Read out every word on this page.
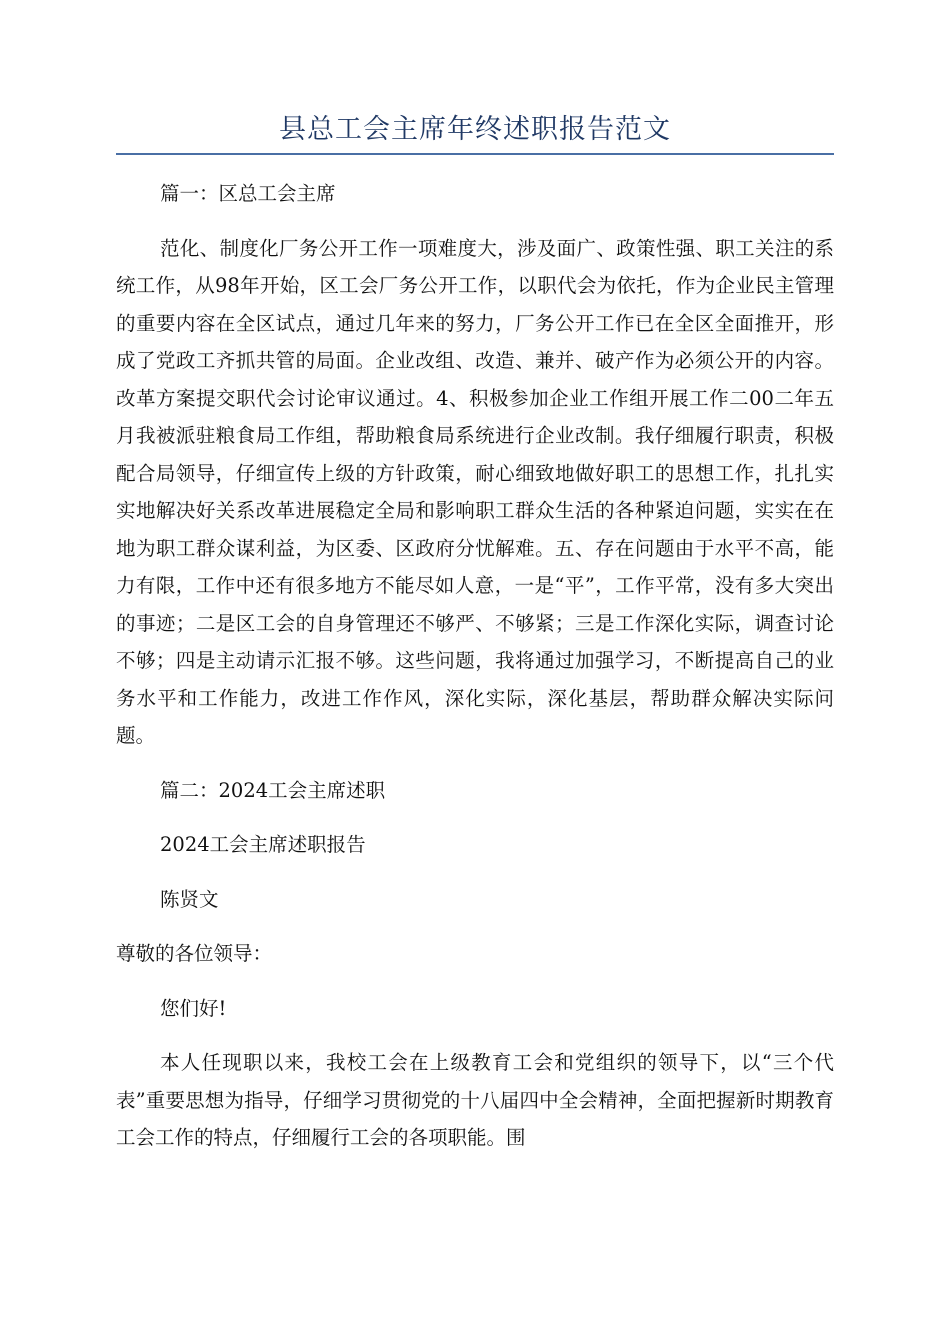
县总工会主席年终述职报告范文

篇一：区总工会主席

范化、制度化厂务公开工作一项难度大，涉及面广、政策性强、职工关注的系统工作，从98年开始，区工会厂务公开工作，以职代会为依托，作为企业民主管理的重要内容在全区试点，通过几年来的努力，厂务公开工作已在全区全面推开，形成了党政工齐抓共管的局面。企业改组、改造、兼并、破产作为必须公开的内容。改革方案提交职代会讨论审议通过。4、积极参加企业工作组开展工作二00二年五月我被派驻粮食局工作组，帮助粮食局系统进行企业改制。我仔细履行职责，积极配合局领导，仔细宣传上级的方针政策，耐心细致地做好职工的思想工作，扎扎实实地解决好关系改革进展稳定全局和影响职工群众生活的各种紧迫问题，实实在在地为职工群众谋利益，为区委、区政府分忧解难。五、存在问题由于水平不高，能力有限，工作中还有很多地方不能尽如人意，一是“平”，工作平常，没有多大突出的事迹；二是区工会的自身管理还不够严、不够紧；三是工作深化实际，调查讨论不够；四是主动请示汇报不够。这些问题，我将通过加强学习，不断提高自己的业务水平和工作能力，改进工作作风，深化实际，深化基层，帮助群众解决实际问题。

篇二：2024工会主席述职

2024工会主席述职报告

陈贤文

尊敬的各位领导：

您们好!

本人任现职以来，我校工会在上级教育工会和党组织的领导下，以“三个代表”重要思想为指导，仔细学习贯彻党的十八届四中全会精神，全面把握新时期教育工会工作的特点，仔细履行工会的各项职能。围
